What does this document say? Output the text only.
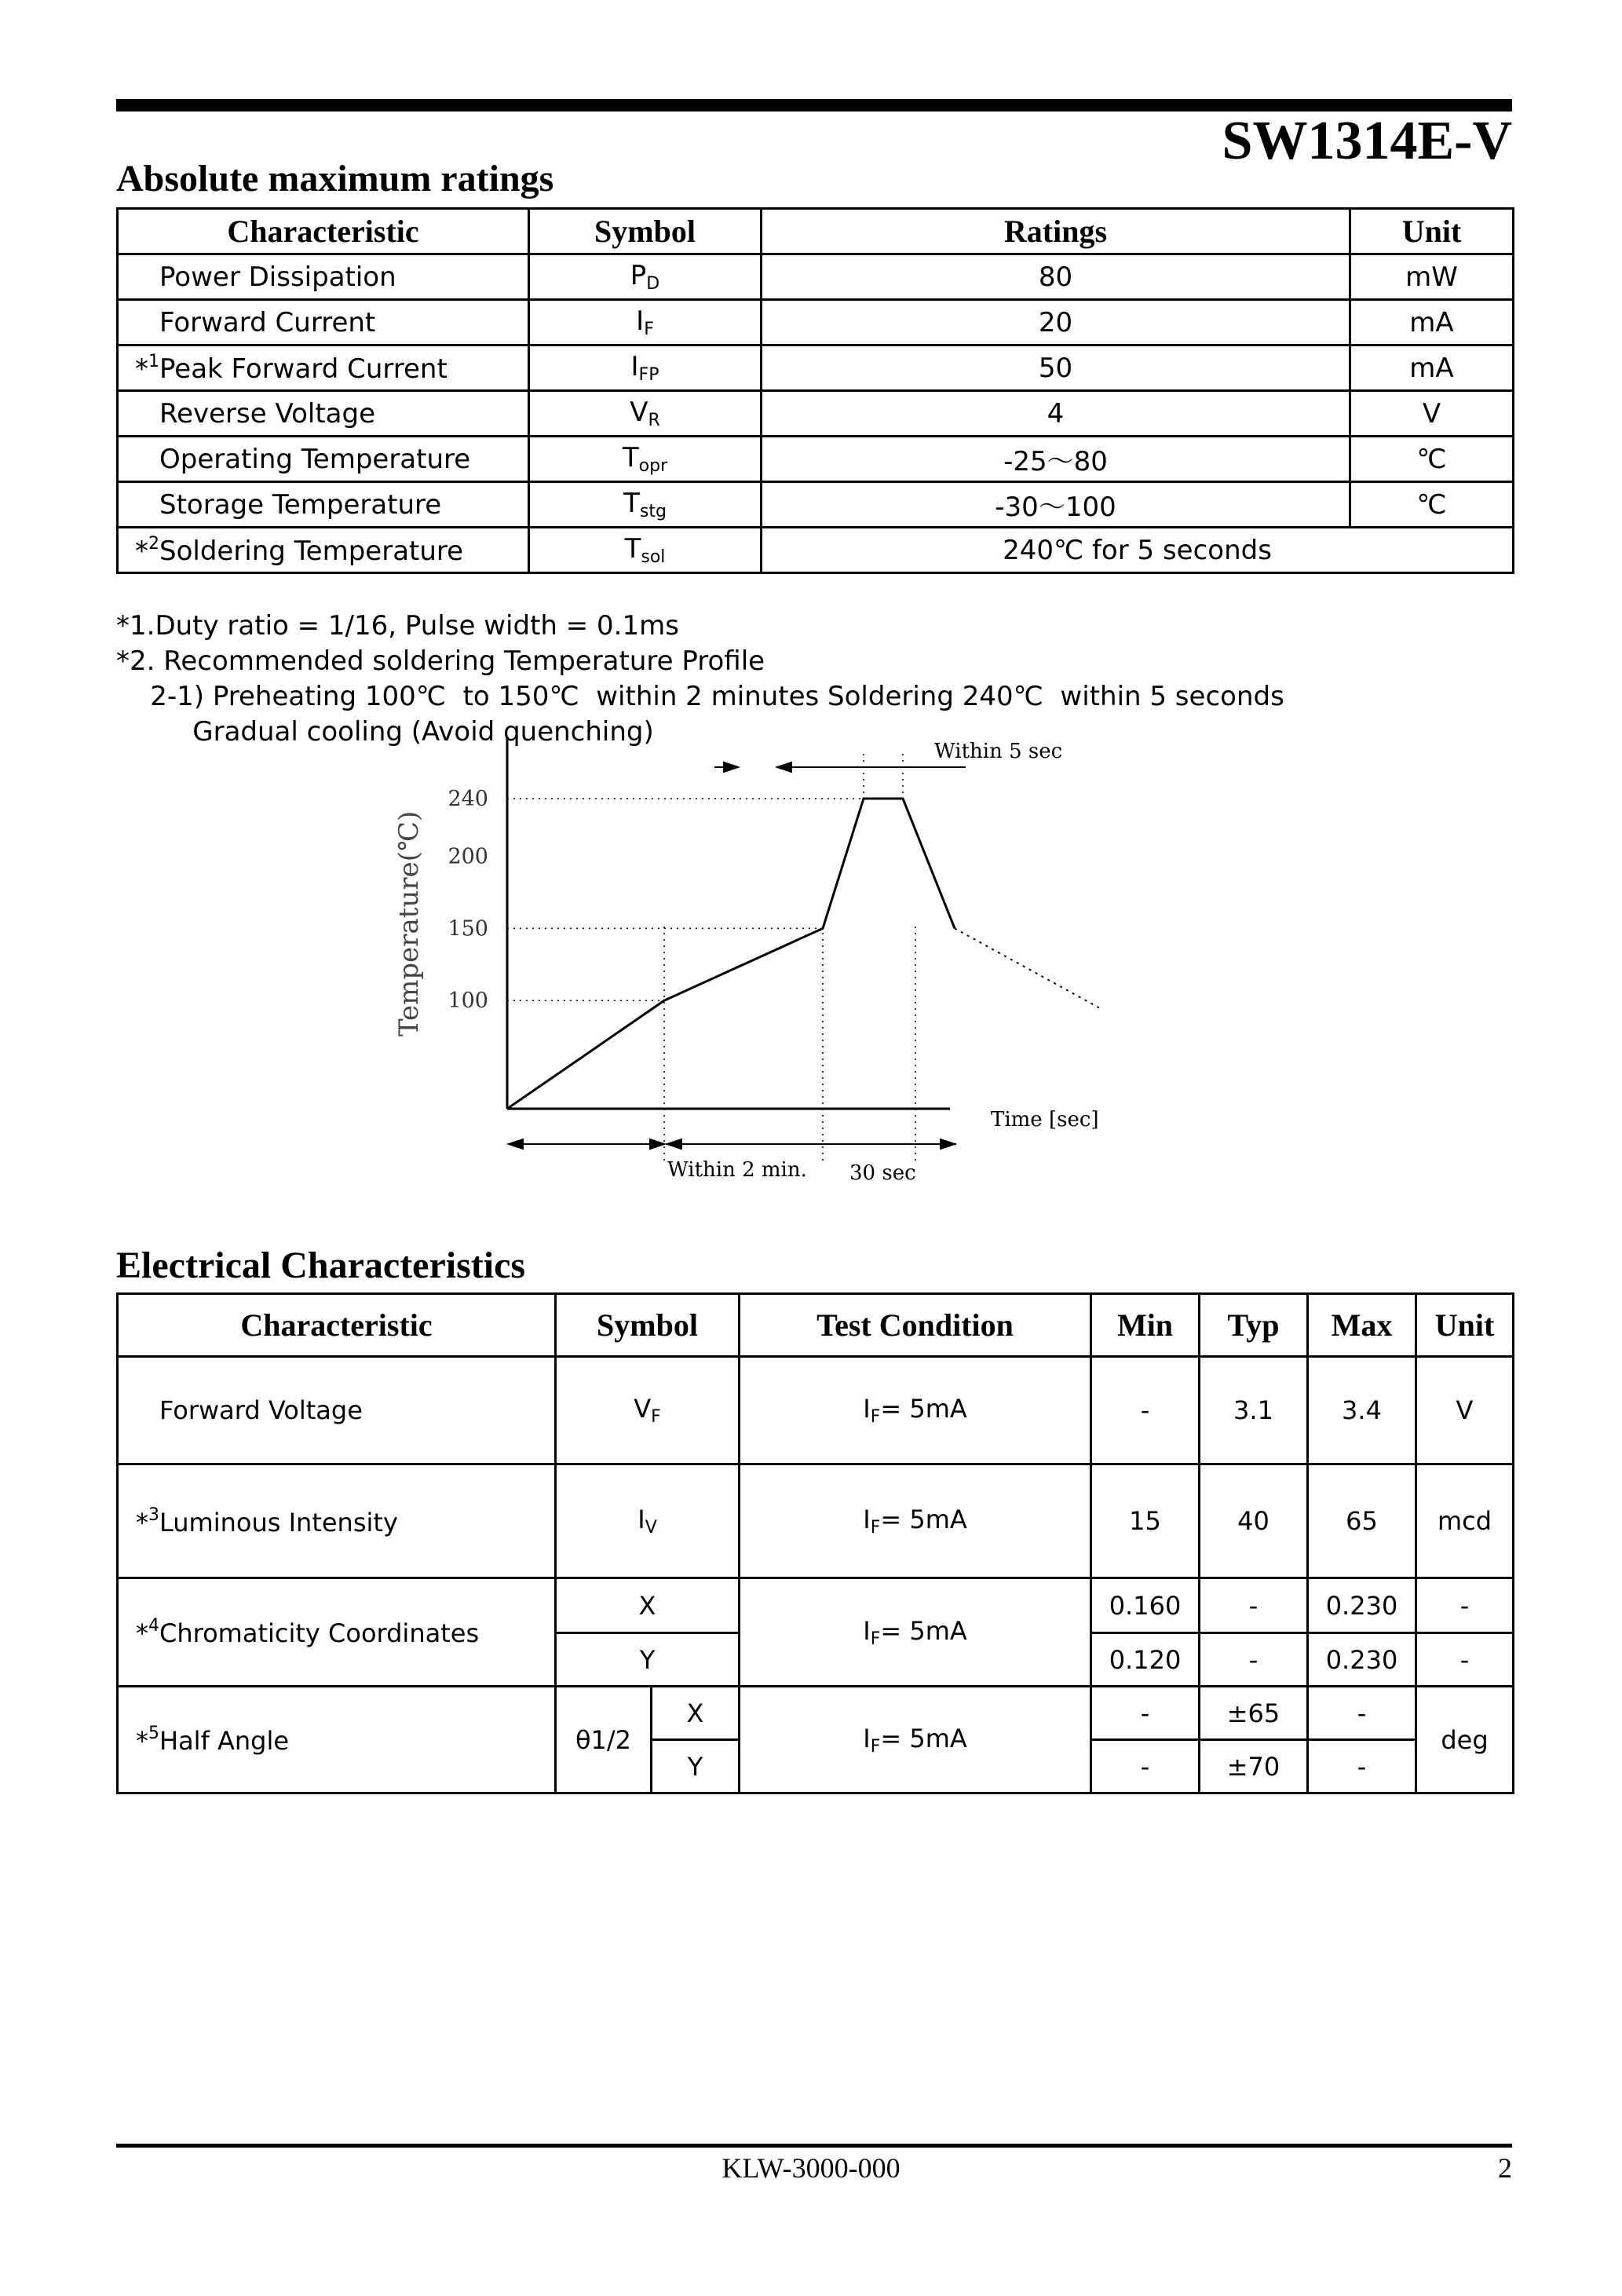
SW1314E-V
Absolute maximum ratings
Characteristic	Symbol	Ratings	Unit
Power Dissipation	$P_D$	80	mW
Forward Current	$I_F$	20	mA
*$^1$Peak Forward Current	$I_{FP}$	50	mA
Reverse Voltage	$V_R$	4	V
Operating Temperature	$T_{opr}$	-25～80	℃
Storage Temperature	$T_{stg}$	-30～100	℃
*$^2$Soldering Temperature	$T_{sol}$	240℃ for 5 seconds	

*1.Duty ratio = 1/16, Pulse width = 0.1ms
*2. Recommended soldering Temperature Profile
2-1) Preheating 100℃  to 150℃  within 2 minutes Soldering 240℃  within 5 seconds
Gradual cooling (Avoid quenching)

240
200
150
100
Within 5 sec
Within 2 min. 30 sec
Time [sec]
Temperature(℃)
Electrical Characteristics
Characteristic	Symbol		Test Condition	Min	Typ	Max	Unit
Forward Voltage	$V_F$		$I_F= 5mA$	-	3.1	3.4	V
*$^3$Luminous Intensity	$I_V$		$I_F= 5mA$	15	40	65	mcd
*$^4$Chromaticity Coordinates	X		$I_F= 5mA$	0.160	-	0.230	-
	Y			0.120	-	0.230	-
*$^5$Half Angle	θ1/2	X	$I_F= 5mA$	-	±65	-	deg
		Y		-	±70	-	
KLW-3000-000	2
